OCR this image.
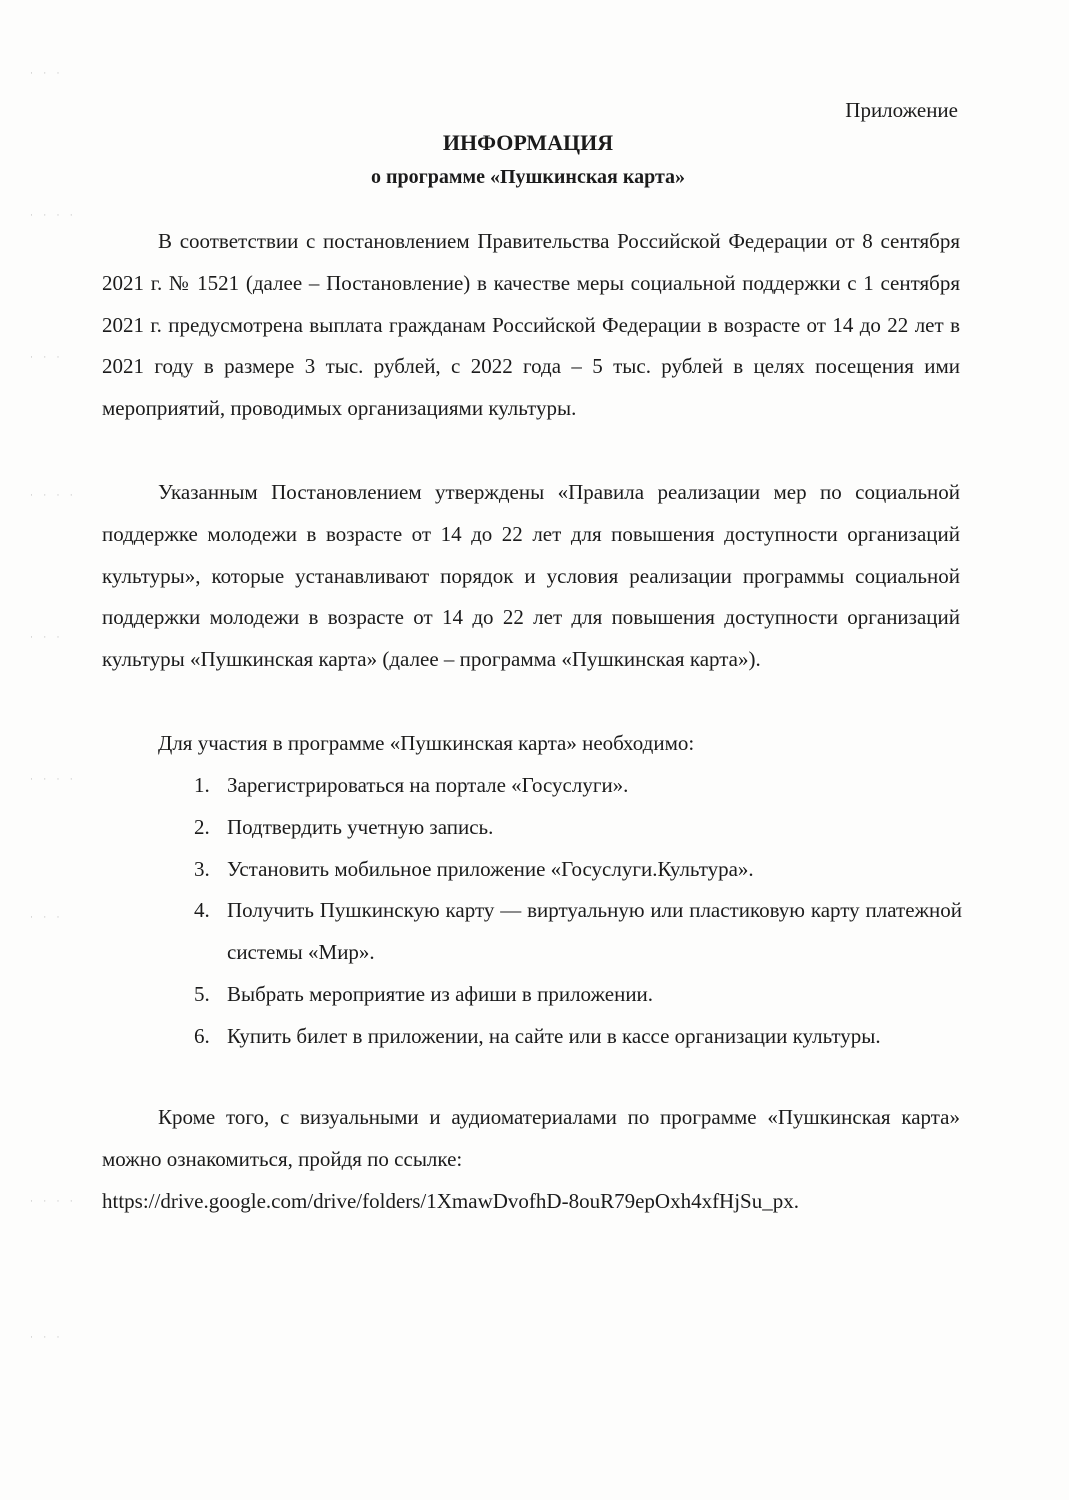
· · ·
· · · ·
· · ·
· · · ·
· · ·
· · · ·
· · ·
· · · ·
· · ·
Приложение
ИНФОРМАЦИЯ
о программе «Пушкинская карта»

В соответствии с постановлением Правительства Российской Федерации от 8 сентября 2021 г. № 1521 (далее – Постановление) в качестве меры социальной поддержки с 1 сентября 2021 г. предусмотрена выплата гражданам Российской Федерации в возрасте от 14 до 22 лет в 2021 году в размере 3 тыс. рублей, с 2022 года – 5 тыс. рублей в целях посещения ими мероприятий, проводимых организациями культуры.

Указанным Постановлением утверждены «Правила реализации мер по социальной поддержке молодежи в возрасте от 14 до 22 лет для повышения доступности организаций культуры», которые устанавливают порядок и условия реализации программы социальной поддержки молодежи в возрасте от 14 до 22 лет для повышения доступности организаций культуры «Пушкинская карта» (далее – программа «Пушкинская карта»).

Для участия в программе «Пушкинская карта» необходимо:

1. Зарегистрироваться на портале «Госуслуги».
2. Подтвердить учетную запись.
3. Установить мобильное приложение «Госуслуги.Культура».
4. Получить Пушкинскую карту — виртуальную или пластиковую карту платежной системы «Мир».
5. Выбрать мероприятие из афиши в приложении.
6. Купить билет в приложении, на сайте или в кассе организации культуры.

Кроме того, с визуальными и аудиоматериалами по программе «Пушкинская карта» можно ознакомиться, пройдя по ссылке:

https://drive.google.com/drive/folders/1XmawDvofhD-8ouR79epOxh4xfHjSu_px.
